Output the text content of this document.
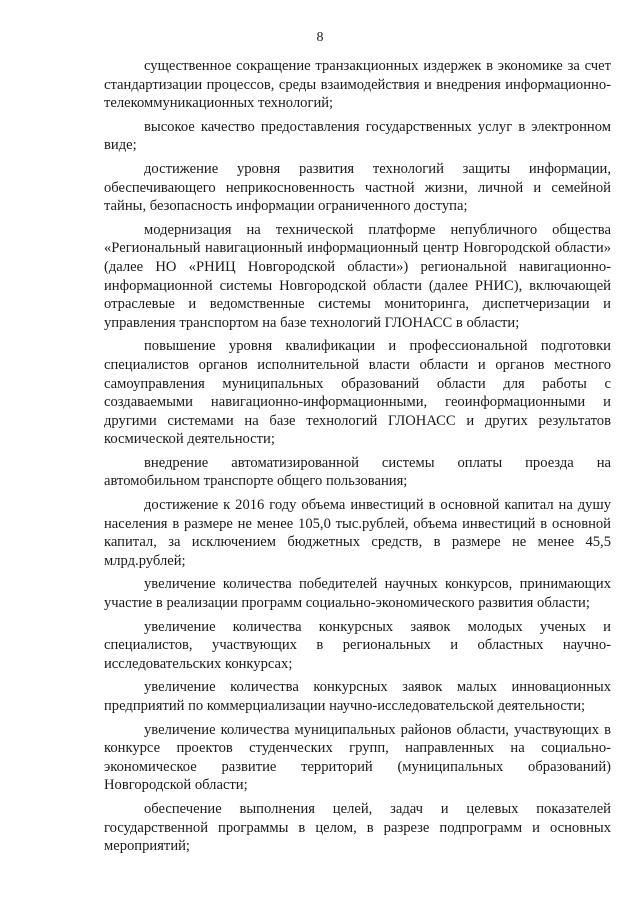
8

существенное сокращение транзакционных издержек в экономике за счет стандартизации процессов, среды взаимодействия и внедрения информационно-телекоммуникационных технологий;

высокое качество предоставления государственных услуг в электронном виде;

достижение уровня развития технологий защиты информации, обеспечивающего неприкосновенность частной жизни, личной и семейной тайны, безопасность информации ограниченного доступа;

модернизация на технической платформе непубличного общества «Региональный навигационный информационный центр Новгородской области» (далее НО «РНИЦ Новгородской области») региональной навигационно-информационной системы Новгородской области (далее РНИС), включающей отраслевые и ведомственные системы мониторинга, диспетчеризации и управления транспортом на базе технологий ГЛОНАСС в области;

повышение уровня квалификации и профессиональной подготовки специалистов органов исполнительной власти области и органов местного самоуправления муниципальных образований области для работы с создаваемыми навигационно-информационными, геоинформационными и другими системами на базе технологий ГЛОНАСС и других результатов космической деятельности;

внедрение автоматизированной системы оплаты проезда на автомобильном транспорте общего пользования;

достижение к 2016 году объема инвестиций в основной капитал на душу населения в размере не менее 105,0 тыс.рублей, объема инвестиций в основной капитал, за исключением бюджетных средств, в размере не менее 45,5 млрд.рублей;

увеличение количества победителей научных конкурсов, принимающих участие в реализации программ социально-экономического развития области;

увеличение количества конкурсных заявок молодых ученых и специалистов, участвующих в региональных и областных научно-исследовательских конкурсах;

увеличение количества конкурсных заявок малых инновационных предприятий по коммерциализации научно-исследовательской деятельности;

увеличение количества муниципальных районов области, участвующих в конкурсе проектов студенческих групп, направленных на социально-экономическое развитие территорий (муниципальных образований) Новгородской области;

обеспечение выполнения целей, задач и целевых показателей государственной программы в целом, в разрезе подпрограмм и основных мероприятий;
